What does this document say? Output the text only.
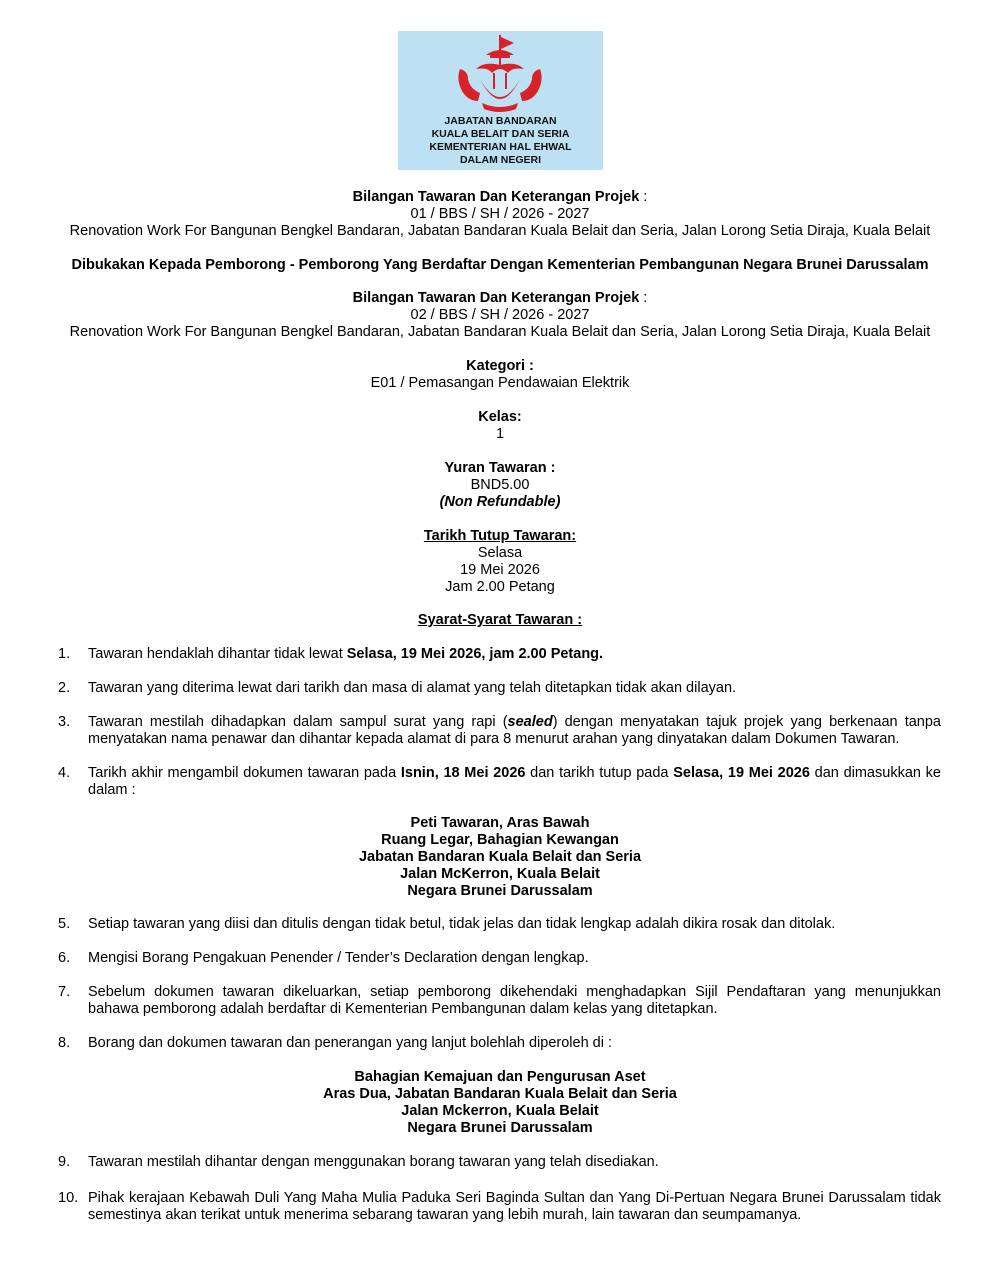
JABATAN BANDARAN
KUALA BELAIT DAN SERIA
KEMENTERIAN HAL EHWAL
DALAM NEGERI
Bilangan Tawaran Dan Keterangan Projek :
01 / BBS / SH / 2026 - 2027
Renovation Work For Bangunan Bengkel Bandaran, Jabatan Bandaran Kuala Belait dan Seria, Jalan Lorong Setia Diraja, Kuala Belait
Dibukakan Kepada Pemborong - Pemborong Yang Berdaftar Dengan Kementerian Pembangunan Negara Brunei Darussalam
Bilangan Tawaran Dan Keterangan Projek :
02 / BBS / SH / 2026 - 2027
Renovation Work For Bangunan Bengkel Bandaran, Jabatan Bandaran Kuala Belait dan Seria, Jalan Lorong Setia Diraja, Kuala Belait
Kategori :
E01 / Pemasangan Pendawaian Elektrik
Kelas:
1
Yuran Tawaran :
BND5.00
(Non Refundable)
Tarikh Tutup Tawaran:
Selasa
19 Mei 2026
Jam 2.00 Petang
Syarat-Syarat Tawaran :
1. Tawaran hendaklah dihantar tidak lewat Selasa, 19 Mei 2026, jam 2.00 Petang.
2. Tawaran yang diterima lewat dari tarikh dan masa di alamat yang telah ditetapkan tidak akan dilayan.
3. Tawaran mestilah dihadapkan dalam sampul surat yang rapi (sealed) dengan menyatakan tajuk projek yang berkenaan tanpa menyatakan nama penawar dan dihantar kepada alamat di para 8 menurut arahan yang dinyatakan dalam Dokumen Tawaran.
4. Tarikh akhir mengambil dokumen tawaran pada Isnin, 18 Mei 2026 dan tarikh tutup pada Selasa, 19 Mei 2026 dan dimasukkan ke dalam :
Peti Tawaran, Aras Bawah
Ruang Legar, Bahagian Kewangan
Jabatan Bandaran Kuala Belait dan Seria
Jalan McKerron, Kuala Belait
Negara Brunei Darussalam
5. Setiap tawaran yang diisi dan ditulis dengan tidak betul, tidak jelas dan tidak lengkap adalah dikira rosak dan ditolak.
6. Mengisi Borang Pengakuan Penender / Tender’s Declaration dengan lengkap.
7. Sebelum dokumen tawaran dikeluarkan, setiap pemborong dikehendaki menghadapkan Sijil Pendaftaran yang menunjukkan bahawa pemborong adalah berdaftar di Kementerian Pembangunan dalam kelas yang ditetapkan.
8. Borang dan dokumen tawaran dan penerangan yang lanjut bolehlah diperoleh di :
Bahagian Kemajuan dan Pengurusan Aset
Aras Dua, Jabatan Bandaran Kuala Belait dan Seria
Jalan Mckerron, Kuala Belait
Negara Brunei Darussalam
9. Tawaran mestilah dihantar dengan menggunakan borang tawaran yang telah disediakan.
10. Pihak kerajaan Kebawah Duli Yang Maha Mulia Paduka Seri Baginda Sultan dan Yang Di-Pertuan Negara Brunei Darussalam tidak semestinya akan terikat untuk menerima sebarang tawaran yang lebih murah, lain tawaran dan seumpamanya.
